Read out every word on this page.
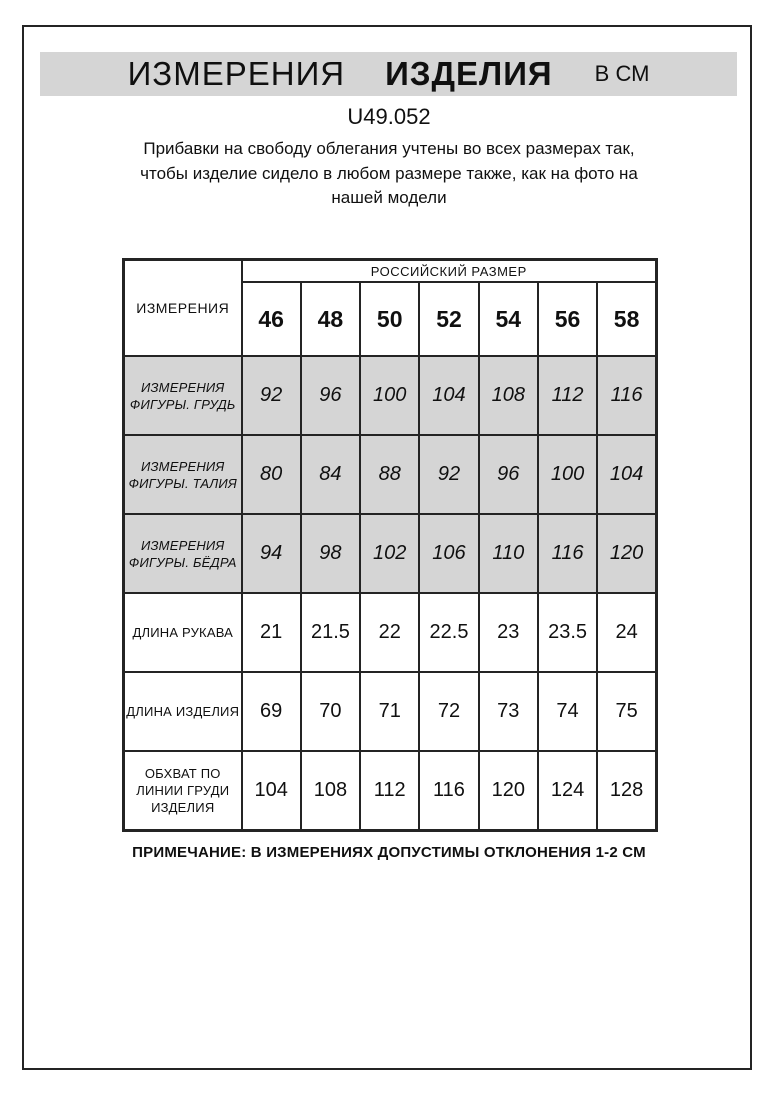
ИЗМЕРЕНИЯ ИЗДЕЛИЯ В СМ
U49.052
Прибавки на свободу облегания учтены во всех размерах так,
чтобы изделие сидело в любом размере также, как на фото на
нашей модели
ИЗМЕРЕНИЯ	РОССИЙСКИЙ РАЗМЕР						
	46	48	50	52	54	56	58

ИЗМЕРЕНИЯ
ФИГУРЫ. ГРУДЬ	92	96	100	104	108	112	116

ИЗМЕРЕНИЯ
ФИГУРЫ. ТАЛИЯ	80	84	88	92	96	100	104

ИЗМЕРЕНИЯ
ФИГУРЫ. БЁДРА	94	98	102	106	110	116	120

ДЛИНА РУКАВА	21	21.5	22	22.5	23	23.5	24

ДЛИНА ИЗДЕЛИЯ	69	70	71	72	73	74	75

ОБХВАТ ПО
ЛИНИИ ГРУДИ
ИЗДЕЛИЯ	104	108	112	116	120	124	128
ПРИМЕЧАНИЕ: В ИЗМЕРЕНИЯХ ДОПУСТИМЫ ОТКЛОНЕНИЯ 1-2 СМ
